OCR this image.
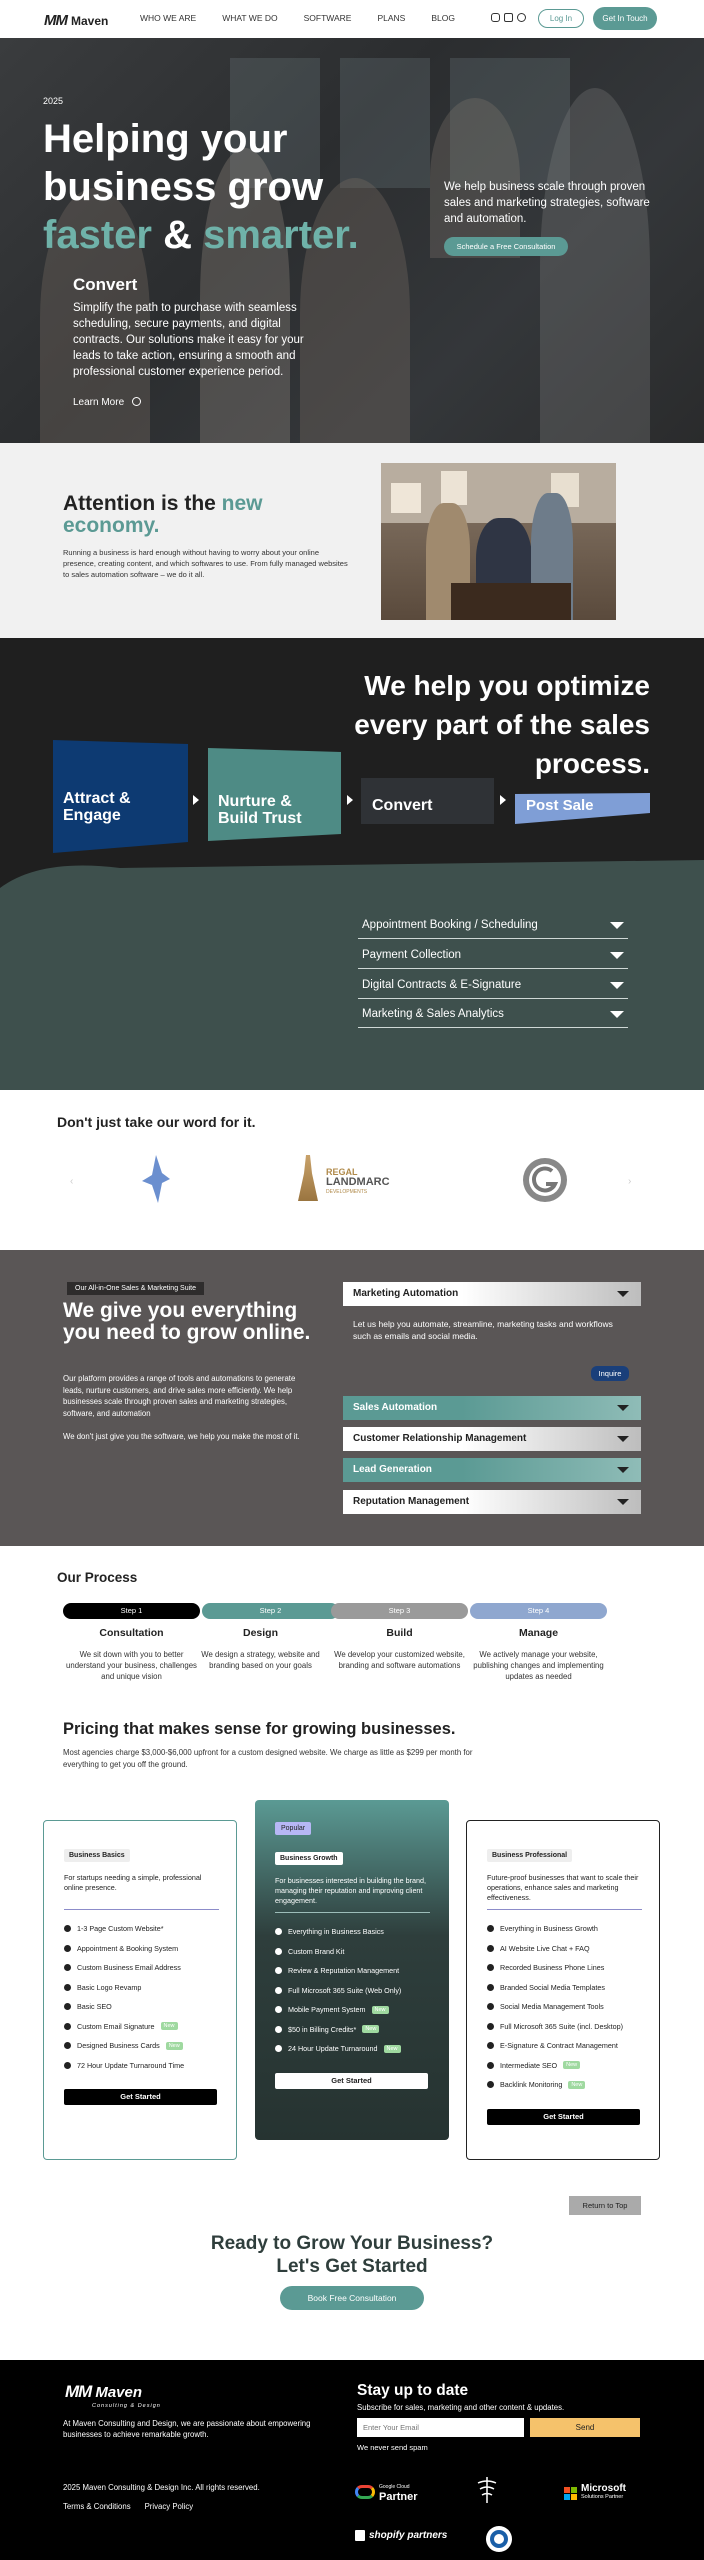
MM Maven	WHO WE ARE	WHAT WE DO	SOFTWARE	PLANS	BLOG	Log In	Get In Touch
2025
Helping your
business grow
faster & smarter.
We help business scale through proven sales and marketing strategies, software and automation.
Schedule a Free Consultation
Attention is the new economy.
Running a business is hard enough without having to worry about your online presence, creating content, and which softwares to use. From fully managed websites to sales automation software – we do it all.
We help you optimize every part of the sales process.
Attract & Engage
Nurture & Build Trust
Convert	Post Sale
Convert
Simplify the path to purchase with seamless scheduling, secure payments, and digital contracts. Our solutions make it easy for your leads to take action, ensuring a smooth and professional customer experience period.
Learn More
Appointment Booking / Scheduling
Payment Collection
Digital Contracts & E-Signature
Marketing & Sales Analytics
Don't just take our word for it.
‹	›
REGAL
LANDMARC
DEVELOPMENTS
Our All-in-One Sales & Marketing Suite
We give you everything you need to grow online.
Our platform provides a range of tools and automations to generate leads, nurture customers, and drive sales more efficiently. We help businesses scale through proven sales and marketing strategies, software, and automation
We don't just give you the software, we help you make the most of it.
Marketing Automation
Let us help you automate, streamline, marketing tasks and workflows such as emails and social media.
Inquire
Sales Automation
Customer Relationship Management
Lead Generation
Reputation Management
Our Process
Step 1	Step 2	Step 3	Step 4
Consultation	Design	Build	Manage
We sit down with you to better understand your business, challenges and unique vision
We design a strategy, website and branding based on your goals
We develop your customized website, branding and software automations
We actively manage your website, publishing changes and implementing updates as needed
Pricing that makes sense for growing businesses.
Most agencies charge $3,000-$6,000 upfront for a custom designed website. We charge as little as $299 per month for everything to get you off the ground.
Business Basics
For startups needing a simple, professional online presence.
1-3 Page Custom Website*
Appointment & Booking System
Custom Business Email Address
Basic Logo Revamp
Basic SEO
Custom Email Signature	New
Designed Business Cards	New
72 Hour Update Turnaround Time
Get Started
Popular
Business Growth
For businesses interested in building the brand, managing their reputation and improving client engagement.
Everything in Business Basics
Custom Brand Kit
Review & Reputation Management
Full Microsoft 365 Suite (Web Only)
Mobile Payment System	New
$50 in Billing Credits*	New
24 Hour Update Turnaround	New
Get Started
Business Professional
Future-proof businesses that want to scale their operations, enhance sales and marketing effectiveness.
Everything in Business Growth
AI Website Live Chat + FAQ
Recorded Business Phone Lines
Branded Social Media Templates
Social Media Management Tools
Full Microsoft 365 Suite (incl. Desktop)
E-Signature & Contract Management
Intermediate SEO	New
Backlink Monitoring	New
Get Started
Return to Top
Ready to Grow Your Business?
Let's Get Started
Book Free Consultation
MM Maven
Consulting & Design
At Maven Consulting and Design, we are passionate about empowering businesses to achieve remarkable growth.
2025 Maven Consulting & Design Inc. All rights reserved.
Terms & Conditions Privacy Policy
Stay up to date
Subscribe for sales, marketing and other content & updates.
Enter Your Email
Send
We never send spam
Google Cloud
Partner
Microsoft
Solutions Partner
shopify partners
